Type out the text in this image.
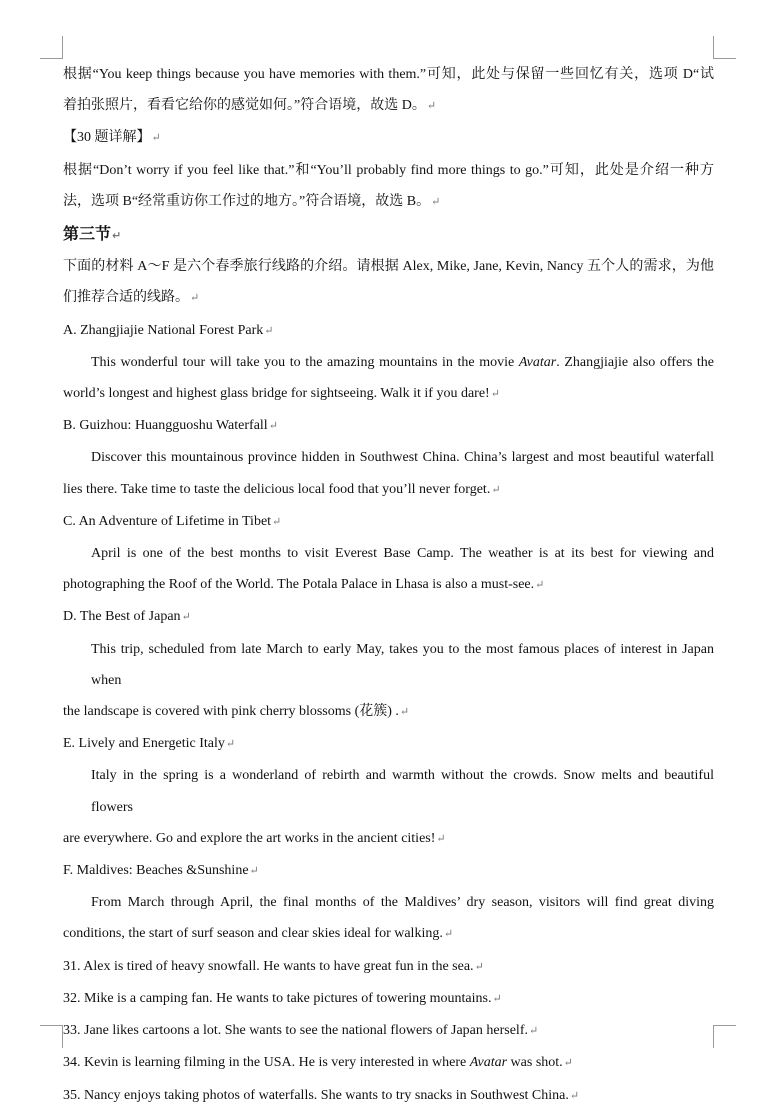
根据“You keep things because you have memories with them.”可知，此处与保留一些回忆有关，选项 D“试
着拍张照片，看看它给你的感觉如何。”符合语境，故选 D。↵
【30 题详解】↵
根据“Don’t worry if you feel like that.”和“You’ll probably find more things to go.”可知，此处是介绍一种方
法，选项 B“经常重访你工作过的地方。”符合语境，故选 B。↵
第三节↵
下面的材料 A～F 是六个春季旅行线路的介绍。请根据 Alex, Mike, Jane, Kevin, Nancy 五个人的需求，为他
们推荐合适的线路。↵
A. Zhangjiajie National Forest Park↵
This wonderful tour will take you to the amazing mountains in the movie Avatar. Zhangjiajie also offers the
world’s longest and highest glass bridge for sightseeing. Walk it if you dare!↵
B. Guizhou: Huangguoshu Waterfall↵
Discover this mountainous province hidden in Southwest China. China’s largest and most beautiful waterfall
lies there. Take time to taste the delicious local food that you’ll never forget.↵
C. An Adventure of Lifetime in Tibet↵
April is one of the best months to visit Everest Base Camp. The weather is at its best for viewing and
photographing the Roof of the World. The Potala Palace in Lhasa is also a must-see.↵
D. The Best of Japan↵
This trip, scheduled from late March to early May, takes you to the most famous places of interest in Japan when
the landscape is covered with pink cherry blossoms (花簇) .↵
E. Lively and Energetic Italy↵
Italy in the spring is a wonderland of rebirth and warmth without the crowds. Snow melts and beautiful flowers
are everywhere. Go and explore the art works in the ancient cities!↵
F. Maldives: Beaches &Sunshine↵
From March through April, the final months of the Maldives’ dry season, visitors will find great diving
conditions, the start of surf season and clear skies ideal for walking.↵
31. Alex is tired of heavy snowfall. He wants to have great fun in the sea.↵
32. Mike is a camping fan. He wants to take pictures of towering mountains.↵
33. Jane likes cartoons a lot. She wants to see the national flowers of Japan herself.↵
34. Kevin is learning filming in the USA. He is very interested in where Avatar was shot.↵
35. Nancy enjoys taking photos of waterfalls. She wants to try snacks in Southwest China.↵
